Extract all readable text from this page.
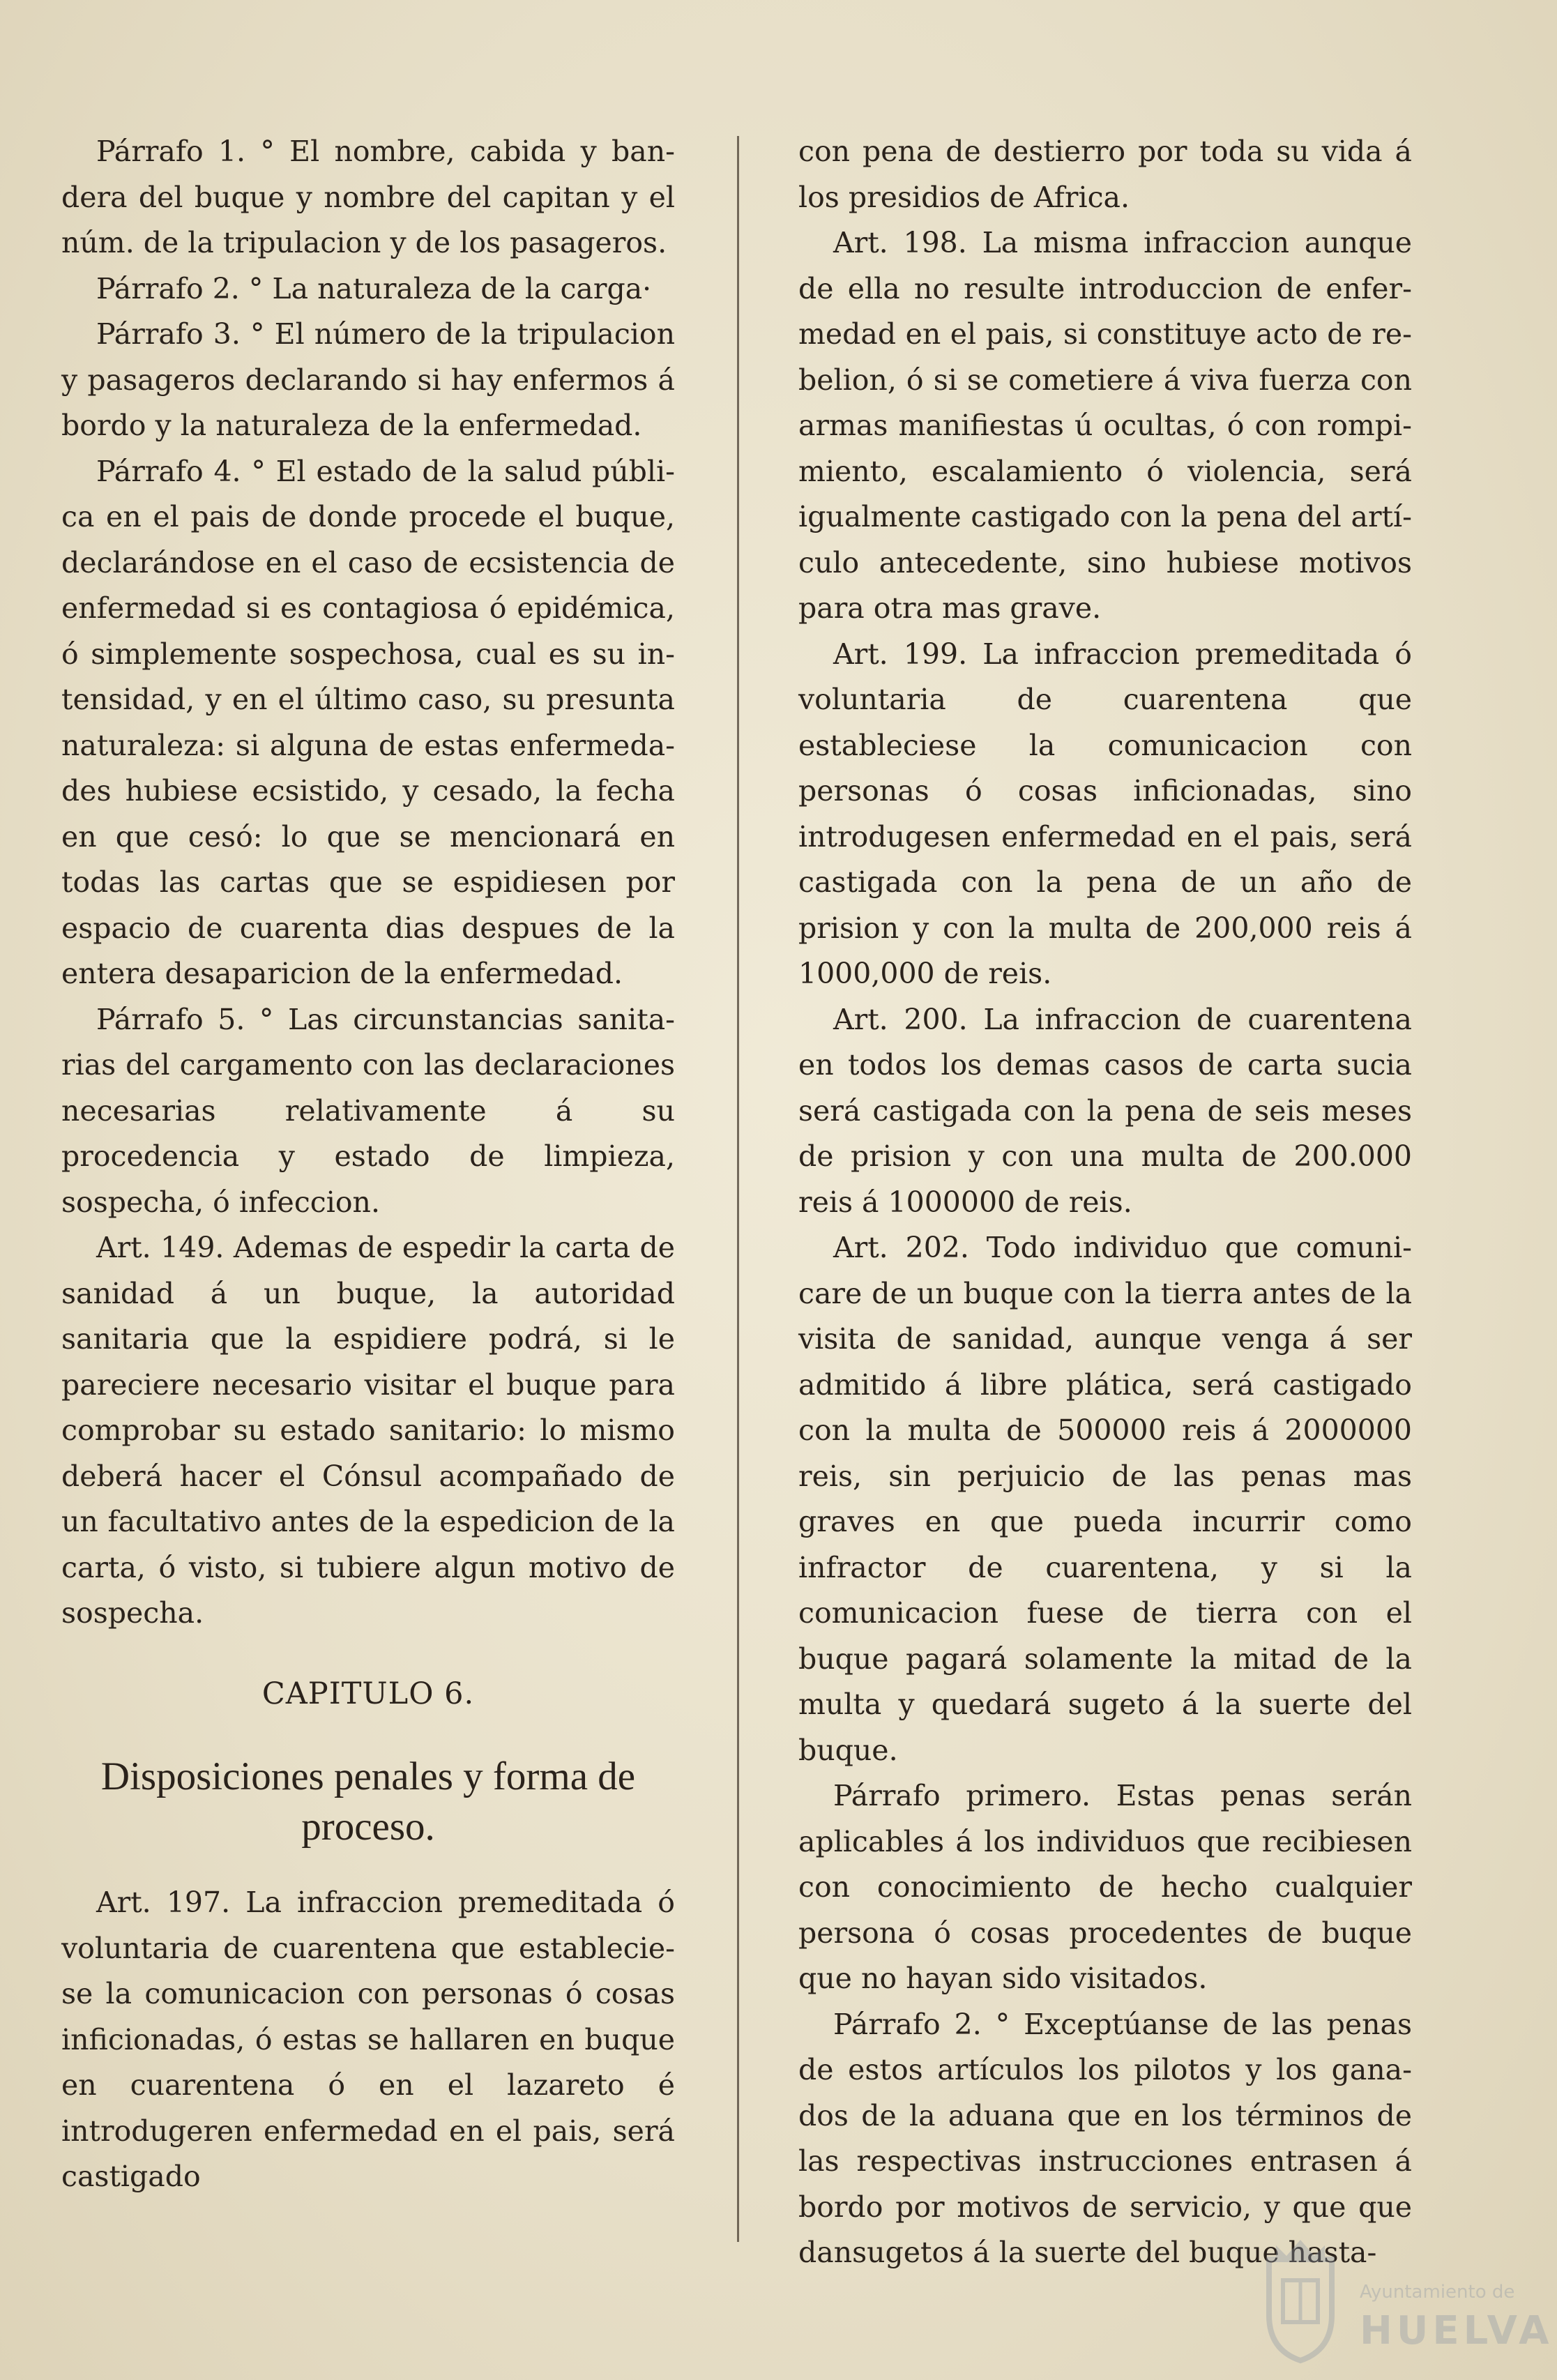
Párrafo 1. ° El nombre, cabida y bandera del buque y nombre del capitan y el núm. de la tripulacion y de los pasageros.

Párrafo 2. ° La naturaleza de la carga·

Párrafo 3. ° El número de la tripulacion y pasageros declarando si hay enfermos á bordo y la naturaleza de la enfermedad.

Párrafo 4. ° El estado de la salud pública en el pais de donde procede el buque, declarándose en el caso de ecsistencia de enfermedad si es contagiosa ó epidémica, ó simplemente sospechosa, cual es su intensidad, y en el último caso, su presunta naturaleza: si alguna de estas enfermedades hubiese ecsistido, y cesado, la fecha en que cesó: lo que se mencionará en todas las cartas que se espidiesen por espacio de cuarenta dias despues de la entera desaparicion de la enfermedad.

Párrafo 5. ° Las circunstancias sanitarias del cargamento con las declaraciones necesarias relativamente á su procedencia y estado de limpieza, sospecha, ó infeccion.

Art. 149. Ademas de espedir la carta de sanidad á un buque, la autoridad sanitaria que la espidiere podrá, si le pareciere necesario visitar el buque para comprobar su estado sanitario: lo mismo deberá hacer el Cónsul acompañado de un facultativo antes de la espedicion de la carta, ó visto, si tubiere algun motivo de sospecha.

CAPITULO 6.
Disposiciones penales y forma de proceso.

Art. 197. La infraccion premeditada ó voluntaria de cuarentena que estableciese la comunicacion con personas ó cosas inficionadas, ó estas se hallaren en buque en cuarentena ó en el lazareto é introdugeren enfermedad en el pais, será castigado

con pena de destierro por toda su vida á los presidios de Africa.

Art. 198. La misma infraccion aunque de ella no resulte introduccion de enfermedad en el pais, si constituye acto de rebelion, ó si se cometiere á viva fuerza con armas manifiestas ú ocultas, ó con rompimiento, escalamiento ó violencia, será igualmente castigado con la pena del artículo antecedente, sino hubiese motivos para otra mas grave.

Art. 199. La infraccion premeditada ó voluntaria de cuarentena que estableciese la comunicacion con personas ó cosas inficionadas, sino introdugesen enfermedad en el pais, será castigada con la pena de un año de prision y con la multa de 200,000 reis á 1000,000 de reis.

Art. 200. La infraccion de cuarentena en todos los demas casos de carta sucia será castigada con la pena de seis meses de prision y con una multa de 200.000 reis á 1000000 de reis.

Art. 202. Todo individuo que comunicare de un buque con la tierra antes de la visita de sanidad, aunque venga á ser admitido á libre plática, será castigado con la multa de 500000 reis á 2000000 reis, sin perjuicio de las penas mas graves en que pueda incurrir como infractor de cuarentena, y si la comunicacion fuese de tierra con el buque pagará solamente la mitad de la multa y quedará sugeto á la suerte del buque.

Párrafo primero. Estas penas serán aplicables á los individuos que recibiesen con conocimiento de hecho cualquier persona ó cosas procedentes de buque que no hayan sido visitados.

Párrafo 2. ° Exceptúanse de las penas de estos artículos los pilotos y los ganados de la aduana que en los términos de las respectivas instrucciones entrasen á bordo por motivos de servicio, y que que dansugetos á la suerte del buque hasta-

Ayuntamiento de
HUELVA
